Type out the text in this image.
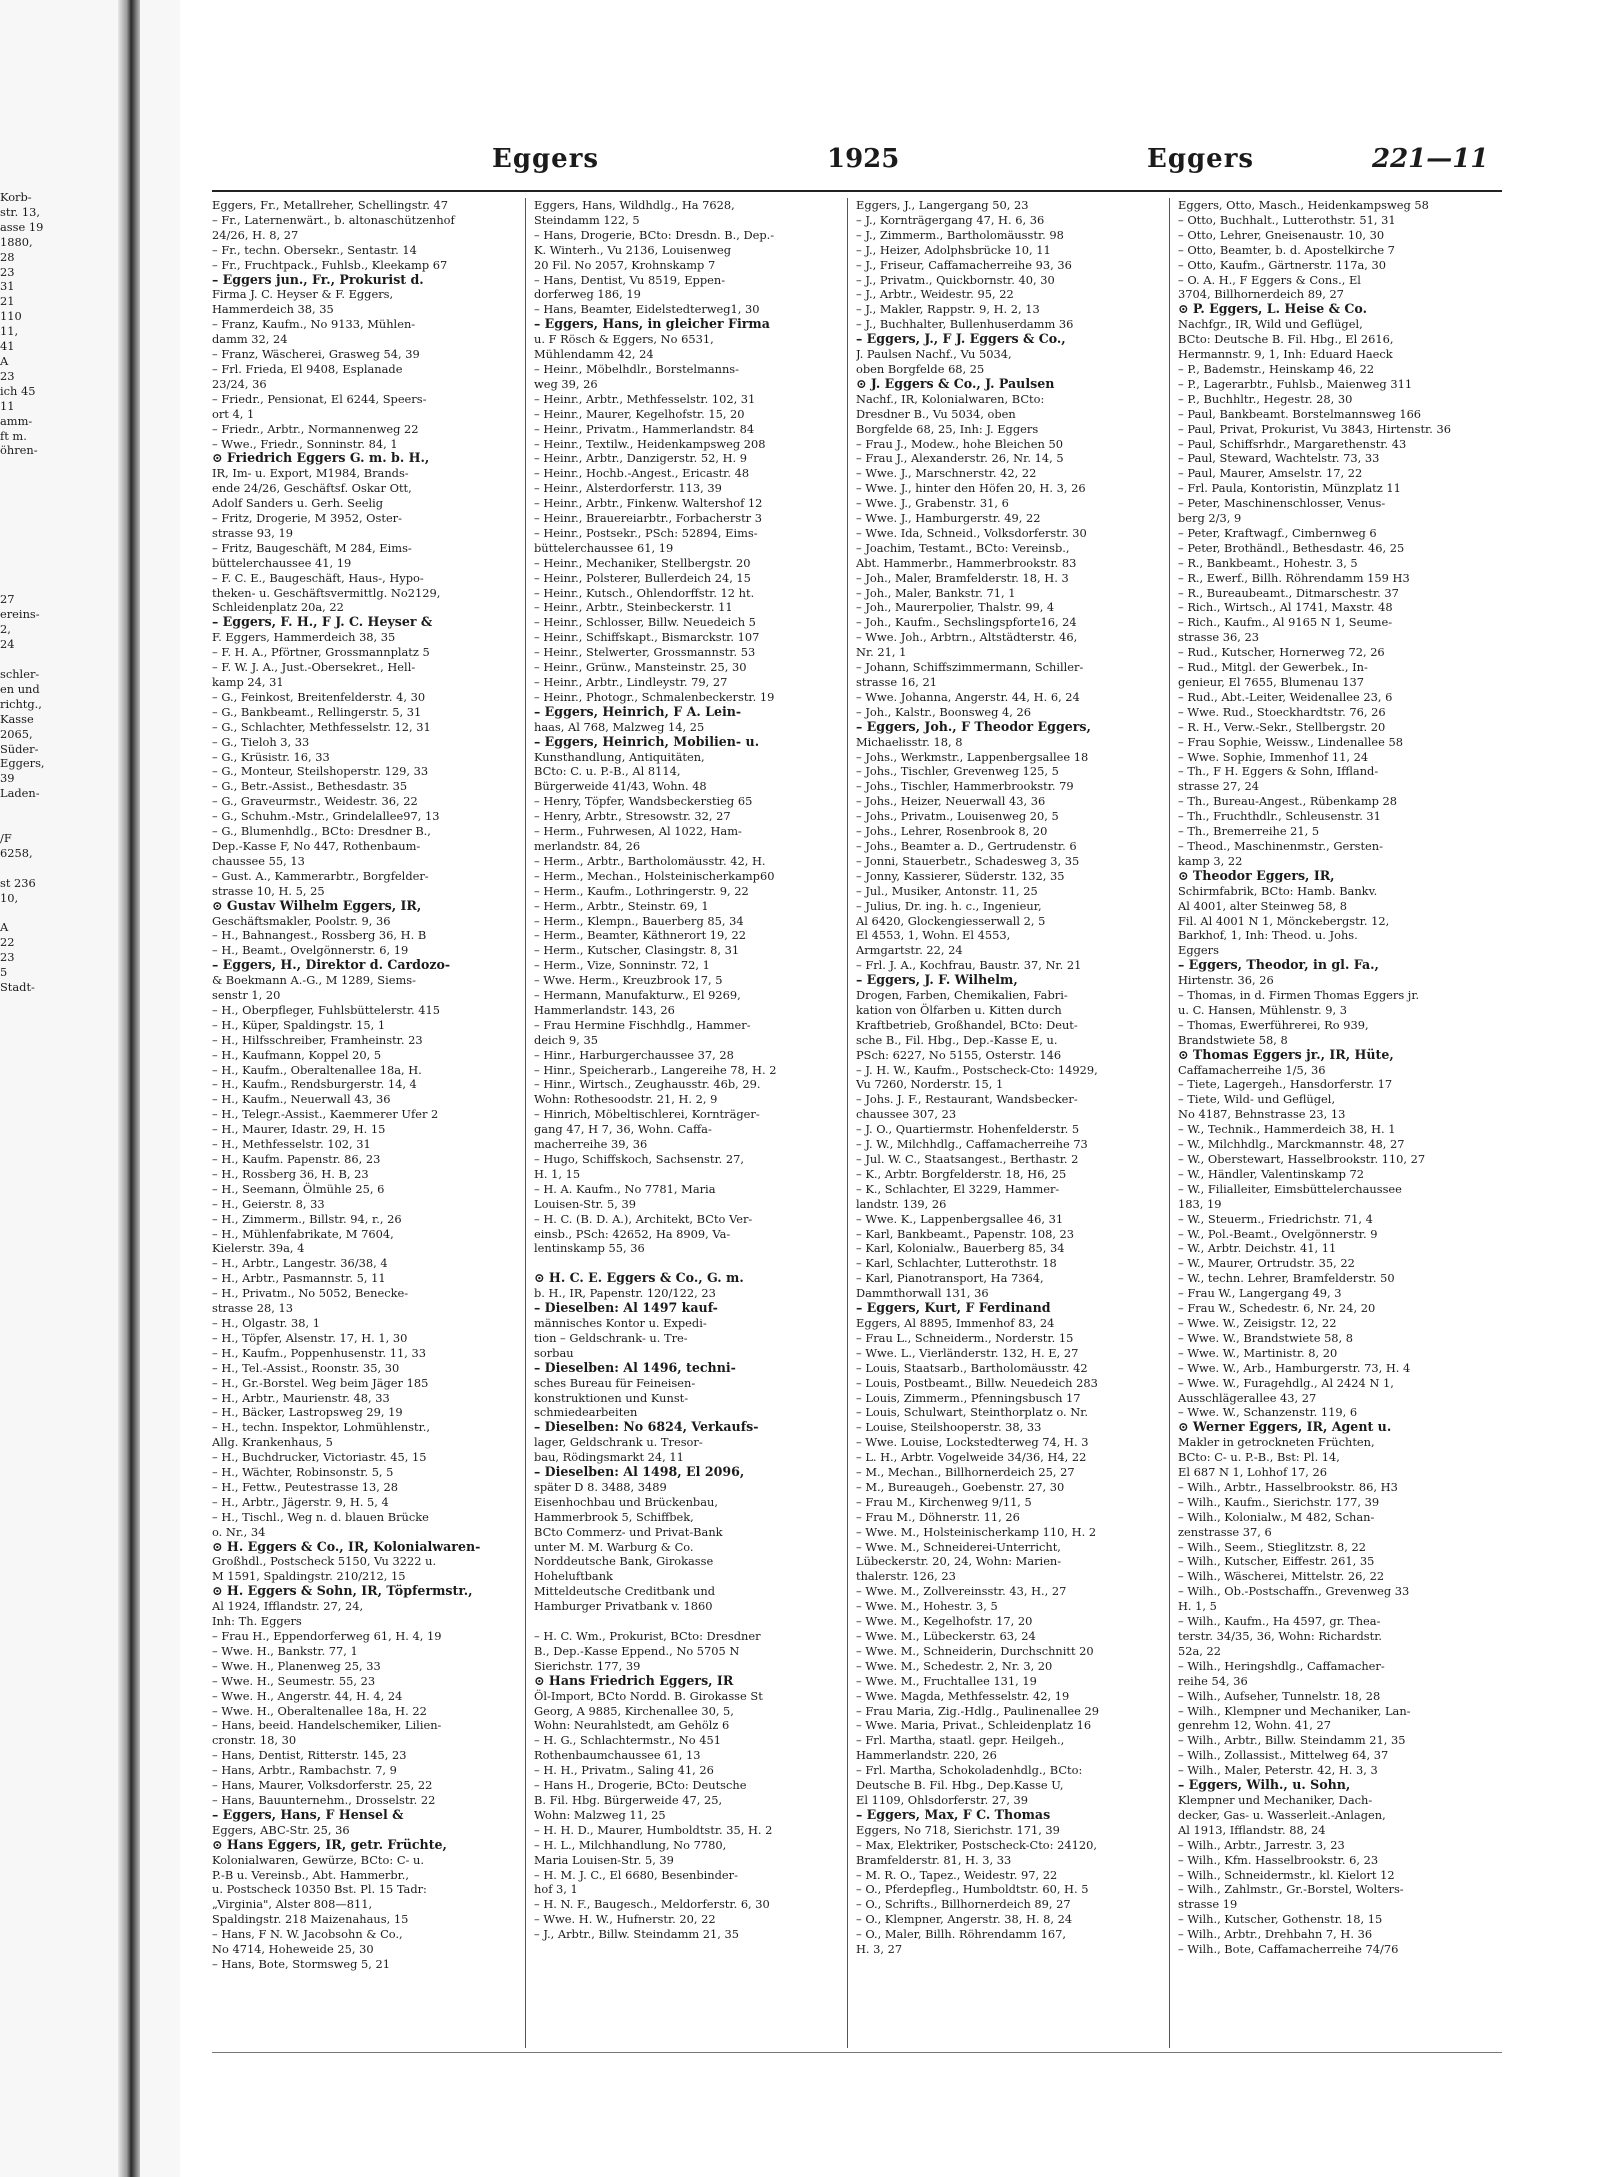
Korb-
str. 13,
asse 19
1880,
28
23
31
21
110
11,
41
A
23
ich 45
11
amm-
ft m.
öhren-

27
ereins-
2,
24

schler-
en und
richtg.,
Kasse
2065,
Süder-
Eggers,
39
Laden-

/F
6258,

st 236
10,

A
22
23
5
Stadt-
Eggers	1925	Eggers	221—11
Eggers, Fr., Metallreher, Schellingstr. 47
– Fr., Laternenwärt., b. altonaschützenhof
24/26, H. 8, 27
– Fr., techn. Obersekr., Sentastr. 14
– Fr., Fruchtpack., Fuhlsb., Kleekamp 67
– Eggers jun., Fr., Prokurist d.
Firma J. C. Heyser & F. Eggers,
Hammerdeich 38, 35
– Franz, Kaufm., No 9133, Mühlen-
damm 32, 24
– Franz, Wäscherei, Grasweg 54, 39
– Frl. Frieda, El 9408, Esplanade
23/24, 36
– Friedr., Pensionat, El 6244, Speers-
ort 4, 1
– Friedr., Arbtr., Normannenweg 22
– Wwe., Friedr., Sonninstr. 84, 1
⊙ Friedrich Eggers G. m. b. H.,
IR, Im- u. Export, M1984, Brands-
ende 24/26, Geschäftsf. Oskar Ott,
Adolf Sanders u. Gerh. Seelig
– Fritz, Drogerie, M 3952, Oster-
strasse 93, 19
– Fritz, Baugeschäft, M 284, Eims-
büttelerchaussee 41, 19
– F. C. E., Baugeschäft, Haus-, Hypo-
theken- u. Geschäftsvermittlg. No2129,
Schleidenplatz 20a, 22
– Eggers, F. H., F J. C. Heyser &
F. Eggers, Hammerdeich 38, 35
– F. H. A., Pförtner, Grossmannplatz 5
– F. W. J. A., Just.-Obersekret., Hell-
kamp 24, 31
– G., Feinkost, Breitenfelderstr. 4, 30
– G., Bankbeamt., Rellingerstr. 5, 31
– G., Schlachter, Methfesselstr. 12, 31
– G., Tieloh 3, 33
– G., Krüsistr. 16, 33
– G., Monteur, Steilshoperstr. 129, 33
– G., Betr.-Assist., Bethesdastr. 35
– G., Graveurmstr., Weidestr. 36, 22
– G., Schuhm.-Mstr., Grindelallee97, 13
– G., Blumenhdlg., BCto: Dresdner B.,
Dep.-Kasse F, No 447, Rothenbaum-
chaussee 55, 13
– Gust. A., Kammerarbtr., Borgfelder-
strasse 10, H. 5, 25
⊙ Gustav Wilhelm Eggers, IR,
Geschäftsmakler, Poolstr. 9, 36
– H., Bahnangest., Rossberg 36, H. B
– H., Beamt., Ovelgönnerstr. 6, 19
– Eggers, H., Direktor d. Cardozo-
& Boekmann A.-G., M 1289, Siems-
senstr 1, 20
– H., Oberpfleger, Fuhlsbüttelerstr. 415
– H., Küper, Spaldingstr. 15, 1
– H., Hilfsschreiber, Framheinstr. 23
– H., Kaufmann, Koppel 20, 5
– H., Kaufm., Oberaltenallee 18a, H.
– H., Kaufm., Rendsburgerstr. 14, 4
– H., Kaufm., Neuerwall 43, 36
– H., Telegr.-Assist., Kaemmerer Ufer 2
– H., Maurer, Idastr. 29, H. 15
– H., Methfesselstr. 102, 31
– H., Kaufm. Papenstr. 86, 23
– H., Rossberg 36, H. B, 23
– H., Seemann, Ölmühle 25, 6
– H., Geierstr. 8, 33
– H., Zimmerm., Billstr. 94, r., 26
– H., Mühlenfabrikate, M 7604,
Kielerstr. 39a, 4
– H., Arbtr., Langestr. 36/38, 4
– H., Arbtr., Pasmannstr. 5, 11
– H., Privatm., No 5052, Benecke-
strasse 28, 13
– H., Olgastr. 38, 1
– H., Töpfer, Alsenstr. 17, H. 1, 30
– H., Kaufm., Poppenhusenstr. 11, 33
– H., Tel.-Assist., Roonstr. 35, 30
– H., Gr.-Borstel. Weg beim Jäger 185
– H., Arbtr., Maurienstr. 48, 33
– H., Bäcker, Lastropsweg 29, 19
– H., techn. Inspektor, Lohmühlenstr.,
Allg. Krankenhaus, 5
– H., Buchdrucker, Victoriastr. 45, 15
– H., Wächter, Robinsonstr. 5, 5
– H., Fettw., Peutestrasse 13, 28
– H., Arbtr., Jägerstr. 9, H. 5, 4
– H., Tischl., Weg n. d. blauen Brücke
o. Nr., 34
⊙ H. Eggers & Co., IR, Kolonialwaren-
Großhdl., Postscheck 5150, Vu 3222 u.
M 1591, Spaldingstr. 210/212, 15
⊙ H. Eggers & Sohn, IR, Töpfermstr.,
Al 1924, Ifflandstr. 27, 24,
Inh: Th. Eggers
– Frau H., Eppendorferweg 61, H. 4, 19
– Wwe. H., Bankstr. 77, 1
– Wwe. H., Planenweg 25, 33
– Wwe. H., Seumestr. 55, 23
– Wwe. H., Angerstr. 44, H. 4, 24
– Wwe. H., Oberaltenallee 18a, H. 22
– Hans, beeid. Handelschemiker, Lilien-
cronstr. 18, 30
– Hans, Dentist, Ritterstr. 145, 23
– Hans, Arbtr., Rambachstr. 7, 9
– Hans, Maurer, Volksdorferstr. 25, 22
– Hans, Bauunternehm., Drosselstr. 22
– Eggers, Hans, F Hensel &
Eggers, ABC-Str. 25, 36
⊙ Hans Eggers, IR, getr. Früchte,
Kolonialwaren, Gewürze, BCto: C- u.
P.-B u. Vereinsb., Abt. Hammerbr.,
u. Postscheck 10350 Bst. Pl. 15 Tadr:
„Virginia", Alster 808—811,
Spaldingstr. 218 Maizenahaus, 15
– Hans, F N. W. Jacobsohn & Co.,
No 4714, Hoheweide 25, 30
– Hans, Bote, Stormsweg 5, 21
Eggers, Hans, Wildhdlg., Ha 7628,
Steindamm 122, 5
– Hans, Drogerie, BCto: Dresdn. B., Dep.-
K. Winterh., Vu 2136, Louisenweg
20 Fil. No 2057, Krohnskamp 7
– Hans, Dentist, Vu 8519, Eppen-
dorferweg 186, 19
– Hans, Beamter, Eidelstedterweg1, 30
– Eggers, Hans, in gleicher Firma
u. F Rösch & Eggers, No 6531,
Mühlendamm 42, 24
– Heinr., Möbelhdlr., Borstelmanns-
weg 39, 26
– Heinr., Arbtr., Methfesselstr. 102, 31
– Heinr., Maurer, Kegelhofstr. 15, 20
– Heinr., Privatm., Hammerlandstr. 84
– Heinr., Textilw., Heidenkampsweg 208
– Heinr., Arbtr., Danzigerstr. 52, H. 9
– Heinr., Hochb.-Angest., Ericastr. 48
– Heinr., Alsterdorferstr. 113, 39
– Heinr., Arbtr., Finkenw. Waltershof 12
– Heinr., Brauereiarbtr., Forbacherstr 3
– Heinr., Postsekr., PSch: 52894, Eims-
büttelerchaussee 61, 19
– Heinr., Mechaniker, Stellbergstr. 20
– Heinr., Polsterer, Bullerdeich 24, 15
– Heinr., Kutsch., Ohlendorffstr. 12 ht.
– Heinr., Arbtr., Steinbeckerstr. 11
– Heinr., Schlosser, Billw. Neuedeich 5
– Heinr., Schiffskapt., Bismarckstr. 107
– Heinr., Stelwerter, Grossmannstr. 53
– Heinr., Grünw., Mansteinstr. 25, 30
– Heinr., Arbtr., Lindleystr. 79, 27
– Heinr., Photogr., Schmalenbeckerstr. 19
– Eggers, Heinrich, F A. Lein-
haas, Al 768, Malzweg 14, 25
– Eggers, Heinrich, Mobilien- u.
Kunsthandlung, Antiquitäten,
BCto: C. u. P.-B., Al 8114,
Bürgerweide 41/43, Wohn. 48
– Henry, Töpfer, Wandsbeckerstieg 65
– Henry, Arbtr., Stresowstr. 32, 27
– Herm., Fuhrwesen, Al 1022, Ham-
merlandstr. 84, 26
– Herm., Arbtr., Bartholomäusstr. 42, H.
– Herm., Mechan., Holsteinischerkamp60
– Herm., Kaufm., Lothringerstr. 9, 22
– Herm., Arbtr., Steinstr. 69, 1
– Herm., Klempn., Bauerberg 85, 34
– Herm., Beamter, Käthnerort 19, 22
– Herm., Kutscher, Clasingstr. 8, 31
– Herm., Vize, Sonninstr. 72, 1
– Wwe. Herm., Kreuzbrook 17, 5
– Hermann, Manufakturw., El 9269,
Hammerlandstr. 143, 26
– Frau Hermine Fischhdlg., Hammer-
deich 9, 35
– Hinr., Harburgerchaussee 37, 28
– Hinr., Speicherarb., Langereihe 78, H. 2
– Hinr., Wirtsch., Zeughausstr. 46b, 29.
Wohn: Rothesoodstr. 21, H. 2, 9
– Hinrich, Möbeltischlerei, Kornträger-
gang 47, H 7, 36, Wohn. Caffa-
macherreihe 39, 36
– Hugo, Schiffskoch, Sachsenstr. 27,
H. 1, 15
– H. A. Kaufm., No 7781, Maria
Louisen-Str. 5, 39
– H. C. (B. D. A.), Architekt, BCto Ver-
einsb., PSch: 42652, Ha 8909, Va-
lentinskamp 55, 36

⊙ H. C. E. Eggers & Co., G. m.
b. H., IR, Papenstr. 120/122, 23
– Dieselben: Al 1497 kauf-
männisches Kontor u. Expedi-
tion – Geldschrank- u. Tre-
sorbau
– Dieselben: Al 1496, techni-
sches Bureau für Feineisen-
konstruktionen und Kunst-
schmiedearbeiten
– Dieselben: No 6824, Verkaufs-
lager, Geldschrank u. Tresor-
bau, Rödingsmarkt 24, 11
– Dieselben: Al 1498, El 2096,
später D 8. 3488, 3489
Eisenhochbau und Brückenbau,
Hammerbrook 5, Schiffbek,
BCto Commerz- und Privat-Bank
unter M. M. Warburg & Co.
Norddeutsche Bank, Girokasse
Hoheluftbank
Mitteldeutsche Creditbank und
Hamburger Privatbank v. 1860

– H. C. Wm., Prokurist, BCto: Dresdner
B., Dep.-Kasse Eppend., No 5705 N
Sierichstr. 177, 39
⊙ Hans Friedrich Eggers, IR
Öl-Import, BCto Nordd. B. Girokasse St
Georg, A 9885, Kirchenallee 30, 5,
Wohn: Neurahlstedt, am Gehölz 6
– H. G., Schlachtermstr., No 451
Rothenbaumchaussee 61, 13
– H. H., Privatm., Saling 41, 26
– Hans H., Drogerie, BCto: Deutsche
B. Fil. Hbg. Bürgerweide 47, 25,
Wohn: Malzweg 11, 25
– H. H. D., Maurer, Humboldtstr. 35, H. 2
– H. L., Milchhandlung, No 7780,
Maria Louisen-Str. 5, 39
– H. M. J. C., El 6680, Besenbinder-
hof 3, 1
– H. N. F., Baugesch., Meldorferstr. 6, 30
– Wwe. H. W., Hufnerstr. 20, 22
– J., Arbtr., Billw. Steindamm 21, 35
Eggers, J., Langergang 50, 23
– J., Kornträgergang 47, H. 6, 36
– J., Zimmerm., Bartholomäusstr. 98
– J., Heizer, Adolphsbrücke 10, 11
– J., Friseur, Caffamacherreihe 93, 36
– J., Privatm., Quickbornstr. 40, 30
– J., Arbtr., Weidestr. 95, 22
– J., Makler, Rappstr. 9, H. 2, 13
– J., Buchhalter, Bullenhuserdamm 36
– Eggers, J., F J. Eggers & Co.,
J. Paulsen Nachf., Vu 5034,
oben Borgfelde 68, 25
⊙ J. Eggers & Co., J. Paulsen
Nachf., IR, Kolonialwaren, BCto:
Dresdner B., Vu 5034, oben
Borgfelde 68, 25, Inh: J. Eggers
– Frau J., Modew., hohe Bleichen 50
– Frau J., Alexanderstr. 26, Nr. 14, 5
– Wwe. J., Marschnerstr. 42, 22
– Wwe. J., hinter den Höfen 20, H. 3, 26
– Wwe. J., Grabenstr. 31, 6
– Wwe. J., Hamburgerstr. 49, 22
– Wwe. Ida, Schneid., Volksdorferstr. 30
– Joachim, Testamt., BCto: Vereinsb.,
Abt. Hammerbr., Hammerbrookstr. 83
– Joh., Maler, Bramfelderstr. 18, H. 3
– Joh., Maler, Bankstr. 71, 1
– Joh., Maurerpolier, Thalstr. 99, 4
– Joh., Kaufm., Sechslingspforte16, 24
– Wwe. Joh., Arbtrn., Altstädterstr. 46,
Nr. 21, 1
– Johann, Schiffszimmermann, Schiller-
strasse 16, 21
– Wwe. Johanna, Angerstr. 44, H. 6, 24
– Joh., Kalstr., Boonsweg 4, 26
– Eggers, Joh., F Theodor Eggers,
Michaelisstr. 18, 8
– Johs., Werkmstr., Lappenbergsallee 18
– Johs., Tischler, Grevenweg 125, 5
– Johs., Tischler, Hammerbrookstr. 79
– Johs., Heizer, Neuerwall 43, 36
– Johs., Privatm., Louisenweg 20, 5
– Johs., Lehrer, Rosenbrook 8, 20
– Johs., Beamter a. D., Gertrudenstr. 6
– Jonni, Stauerbetr., Schadesweg 3, 35
– Jonny, Kassierer, Süderstr. 132, 35
– Jul., Musiker, Antonstr. 11, 25
– Julius, Dr. ing. h. c., Ingenieur,
Al 6420, Glockengiesserwall 2, 5
El 4553, 1, Wohn. El 4553,
Armgartstr. 22, 24
– Frl. J. A., Kochfrau, Baustr. 37, Nr. 21
– Eggers, J. F. Wilhelm,
Drogen, Farben, Chemikalien, Fabri-
kation von Ölfarben u. Kitten durch
Kraftbetrieb, Großhandel, BCto: Deut-
sche B., Fil. Hbg., Dep.-Kasse E, u.
PSch: 6227, No 5155, Osterstr. 146
– J. H. W., Kaufm., Postscheck-Cto: 14929,
Vu 7260, Norderstr. 15, 1
– Johs. J. F., Restaurant, Wandsbecker-
chaussee 307, 23
– J. O., Quartiermstr. Hohenfelderstr. 5
– J. W., Milchhdlg., Caffamacherreihe 73
– Jul. W. C., Staatsangest., Berthastr. 2
– K., Arbtr. Borgfelderstr. 18, H6, 25
– K., Schlachter, El 3229, Hammer-
landstr. 139, 26
– Wwe. K., Lappenbergsallee 46, 31
– Karl, Bankbeamt., Papenstr. 108, 23
– Karl, Kolonialw., Bauerberg 85, 34
– Karl, Schlachter, Lutterothstr. 18
– Karl, Pianotransport, Ha 7364,
Dammthorwall 131, 36
– Eggers, Kurt, F Ferdinand
Eggers, Al 8895, Immenhof 83, 24
– Frau L., Schneiderm., Norderstr. 15
– Wwe. L., Vierländerstr. 132, H. E, 27
– Louis, Staatsarb., Bartholomäusstr. 42
– Louis, Postbeamt., Billw. Neuedeich 283
– Louis, Zimmerm., Pfenningsbusch 17
– Louis, Schulwart, Steinthorplatz o. Nr.
– Louise, Steilshooperstr. 38, 33
– Wwe. Louise, Lockstedterweg 74, H. 3
– L. H., Arbtr. Vogelweide 34/36, H4, 22
– M., Mechan., Billhornerdeich 25, 27
– M., Bureaugeh., Goebenstr. 27, 30
– Frau M., Kirchenweg 9/11, 5
– Frau M., Döhnerstr. 11, 26
– Wwe. M., Holsteinischerkamp 110, H. 2
– Wwe. M., Schneiderei-Unterricht,
Lübeckerstr. 20, 24, Wohn: Marien-
thalerstr. 126, 23
– Wwe. M., Zollvereinsstr. 43, H., 27
– Wwe. M., Hohestr. 3, 5
– Wwe. M., Kegelhofstr. 17, 20
– Wwe. M., Lübeckerstr. 63, 24
– Wwe. M., Schneiderin, Durchschnitt 20
– Wwe. M., Schedestr. 2, Nr. 3, 20
– Wwe. M., Fruchtallee 131, 19
– Wwe. Magda, Methfesselstr. 42, 19
– Frau Maria, Zig.-Hdlg., Paulinenallee 29
– Wwe. Maria, Privat., Schleidenplatz 16
– Frl. Martha, staatl. gepr. Heilgeh.,
Hammerlandstr. 220, 26
– Frl. Martha, Schokoladenhdlg., BCto:
Deutsche B. Fil. Hbg., Dep.Kasse U,
El 1109, Ohlsdorferstr. 27, 39
– Eggers, Max, F C. Thomas
Eggers, No 718, Sierichstr. 171, 39
– Max, Elektriker, Postscheck-Cto: 24120,
Bramfelderstr. 81, H. 3, 33
– M. R. O., Tapez., Weidestr. 97, 22
– O., Pferdepfleg., Humboldtstr. 60, H. 5
– O., Schrifts., Billhornerdeich 89, 27
– O., Klempner, Angerstr. 38, H. 8, 24
– O., Maler, Billh. Röhrendamm 167,
H. 3, 27
Eggers, Otto, Masch., Heidenkampsweg 58
– Otto, Buchhalt., Lutterothstr. 51, 31
– Otto, Lehrer, Gneisenaustr. 10, 30
– Otto, Beamter, b. d. Apostelkirche 7
– Otto, Kaufm., Gärtnerstr. 117a, 30
– O. A. H., F Eggers & Cons., El
3704, Billhornerdeich 89, 27
⊙ P. Eggers, L. Heise & Co.
Nachfgr., IR, Wild und Geflügel,
BCto: Deutsche B. Fil. Hbg., El 2616,
Hermannstr. 9, 1, Inh: Eduard Haeck
– P., Bademstr., Heinskamp 46, 22
– P., Lagerarbtr., Fuhlsb., Maienweg 311
– P., Buchhltr., Hegestr. 28, 30
– Paul, Bankbeamt. Borstelmannsweg 166
– Paul, Privat, Prokurist, Vu 3843, Hirtenstr. 36
– Paul, Schiffsrhdr., Margarethenstr. 43
– Paul, Steward, Wachtelstr. 73, 33
– Paul, Maurer, Amselstr. 17, 22
– Frl. Paula, Kontoristin, Münzplatz 11
– Peter, Maschinenschlosser, Venus-
berg 2/3, 9
– Peter, Kraftwagf., Cimbernweg 6
– Peter, Brothändl., Bethesdastr. 46, 25
– R., Bankbeamt., Hohestr. 3, 5
– R., Ewerf., Billh. Röhrendamm 159 H3
– R., Bureaubeamt., Ditmarschestr. 37
– Rich., Wirtsch., Al 1741, Maxstr. 48
– Rich., Kaufm., Al 9165 N 1, Seume-
strasse 36, 23
– Rud., Kutscher, Hornerweg 72, 26
– Rud., Mitgl. der Gewerbek., In-
genieur, El 7655, Blumenau 137
– Rud., Abt.-Leiter, Weidenallee 23, 6
– Wwe. Rud., Stoeckhardtstr. 76, 26
– R. H., Verw.-Sekr., Stellbergstr. 20
– Frau Sophie, Weissw., Lindenallee 58
– Wwe. Sophie, Immenhof 11, 24
– Th., F H. Eggers & Sohn, Iffland-
strasse 27, 24
– Th., Bureau-Angest., Rübenkamp 28
– Th., Fruchthdlr., Schleusenstr. 31
– Th., Bremerreihe 21, 5
– Theod., Maschinenmstr., Gersten-
kamp 3, 22
⊙ Theodor Eggers, IR,
Schirmfabrik, BCto: Hamb. Bankv.
Al 4001, alter Steinweg 58, 8
Fil. Al 4001 N 1, Mönckebergstr. 12,
Barkhof, 1, Inh: Theod. u. Johs.
Eggers
– Eggers, Theodor, in gl. Fa.,
Hirtenstr. 36, 26
– Thomas, in d. Firmen Thomas Eggers jr.
u. C. Hansen, Mühlenstr. 9, 3
– Thomas, Ewerführerei, Ro 939,
Brandstwiete 58, 8
⊙ Thomas Eggers jr., IR, Hüte,
Caffamacherreihe 1/5, 36
– Tiete, Lagergeh., Hansdorferstr. 17
– Tiete, Wild- und Geflügel,
No 4187, Behnstrasse 23, 13
– W., Technik., Hammerdeich 38, H. 1
– W., Milchhdlg., Marckmannstr. 48, 27
– W., Oberstewart, Hasselbrookstr. 110, 27
– W., Händler, Valentinskamp 72
– W., Filialleiter, Eimsbüttelerchaussee
183, 19
– W., Steuerm., Friedrichstr. 71, 4
– W., Pol.-Beamt., Ovelgönnerstr. 9
– W., Arbtr. Deichstr. 41, 11
– W., Maurer, Ortrudstr. 35, 22
– W., techn. Lehrer, Bramfelderstr. 50
– Frau W., Langergang 49, 3
– Frau W., Schedestr. 6, Nr. 24, 20
– Wwe. W., Zeisigstr. 12, 22
– Wwe. W., Brandstwiete 58, 8
– Wwe. W., Martinistr. 8, 20
– Wwe. W., Arb., Hamburgerstr. 73, H. 4
– Wwe. W., Furagehdlg., Al 2424 N 1,
Ausschlägerallee 43, 27
– Wwe. W., Schanzenstr. 119, 6
⊙ Werner Eggers, IR, Agent u.
Makler in getrockneten Früchten,
BCto: C- u. P.-B., Bst: Pl. 14,
El 687 N 1, Lohhof 17, 26
– Wilh., Arbtr., Hasselbrookstr. 86, H3
– Wilh., Kaufm., Sierichstr. 177, 39
– Wilh., Kolonialw., M 482, Schan-
zenstrasse 37, 6
– Wilh., Seem., Stieglitzstr. 8, 22
– Wilh., Kutscher, Eiffestr. 261, 35
– Wilh., Wäscherei, Mittelstr. 26, 22
– Wilh., Ob.-Postschaffn., Grevenweg 33
H. 1, 5
– Wilh., Kaufm., Ha 4597, gr. Thea-
terstr. 34/35, 36, Wohn: Richardstr.
52a, 22
– Wilh., Heringshdlg., Caffamacher-
reihe 54, 36
– Wilh., Aufseher, Tunnelstr. 18, 28
– Wilh., Klempner und Mechaniker, Lan-
genrehm 12, Wohn. 41, 27
– Wilh., Arbtr., Billw. Steindamm 21, 35
– Wilh., Zollassist., Mittelweg 64, 37
– Wilh., Maler, Peterstr. 42, H. 3, 3
– Eggers, Wilh., u. Sohn,
Klempner und Mechaniker, Dach-
decker, Gas- u. Wasserleit.-Anlagen,
Al 1913, Ifflandstr. 88, 24
– Wilh., Arbtr., Jarrestr. 3, 23
– Wilh., Kfm. Hasselbrookstr. 6, 23
– Wilh., Schneidermstr., kl. Kielort 12
– Wilh., Zahlmstr., Gr.-Borstel, Wolters-
strasse 19
– Wilh., Kutscher, Gothenstr. 18, 15
– Wilh., Arbtr., Drehbahn 7, H. 36
– Wilh., Bote, Caffamacherreihe 74/76
